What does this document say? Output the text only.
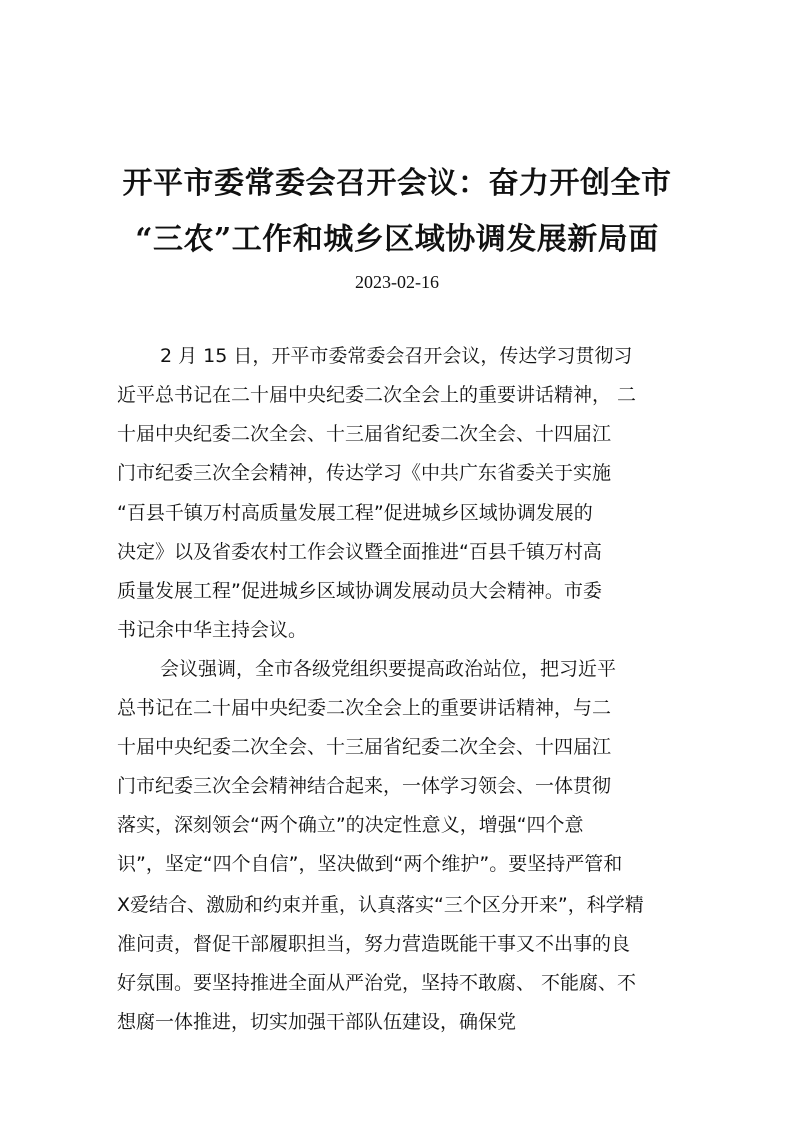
开平市委常委会召开会议：奋力开创全市
“三农”工作和城乡区域协调发展新局面
2023-02-16
2 月 15 日，开平市委常委会召开会议，传达学习贯彻习
近平总书记在二十届中央纪委二次全会上的重要讲话精神， 二
十届中央纪委二次全会、十三届省纪委二次全会、十四届江
门市纪委三次全会精神，传达学习《中共广东省委关于实施
“百县千镇万村高质量发展工程”促进城乡区域协调发展的
决定》以及省委农村工作会议暨全面推进“百县千镇万村高
质量发展工程”促进城乡区域协调发展动员大会精神。市委
书记余中华主持会议。
会议强调，全市各级党组织要提高政治站位，把习近平
总书记在二十届中央纪委二次全会上的重要讲话精神，与二
十届中央纪委二次全会、十三届省纪委二次全会、十四届江
门市纪委三次全会精神结合起来，一体学习领会、一体贯彻
落实，深刻领会“两个确立”的决定性意义，增强“四个意
识”，坚定“四个自信”，坚决做到“两个维护”。要坚持严管和
X爱结合、激励和约束并重，认真落实“三个区分开来”，科学精
准问责，督促干部履职担当，努力营造既能干事又不出事的良
好氛围。要坚持推进全面从严治党，坚持不敢腐、 不能腐、不
想腐一体推进，切实加强干部队伍建设，确保党
